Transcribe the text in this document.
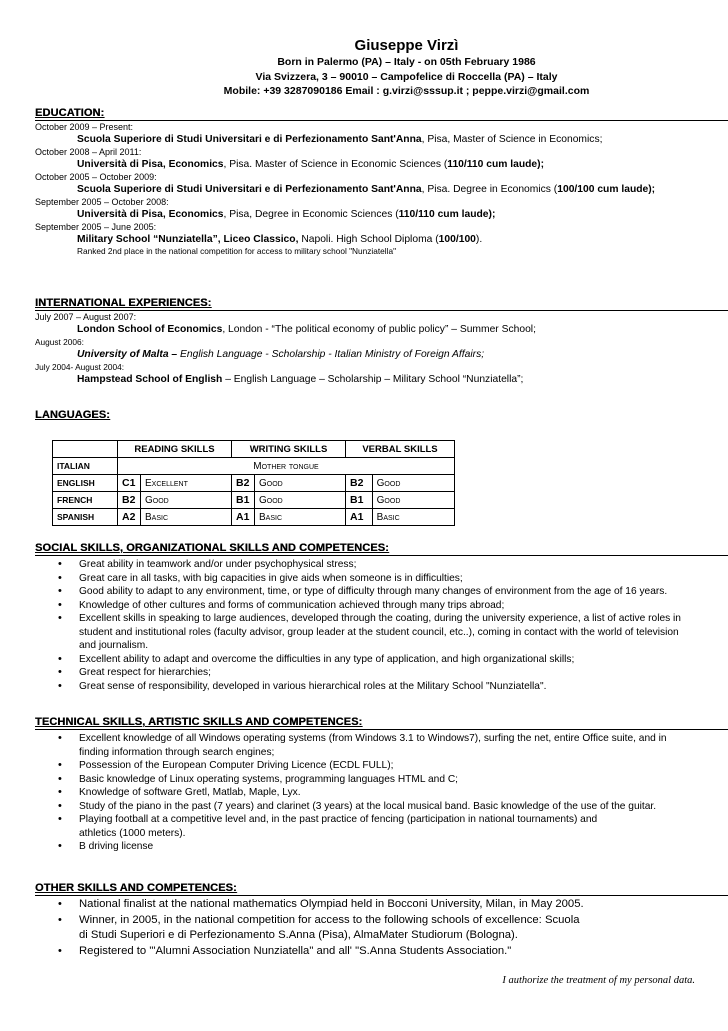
Giuseppe Virzì
Born in Palermo (PA) – Italy - on 05th February 1986
Via Svizzera, 3 – 90010 – Campofelice di Roccella (PA) – Italy
Mobile: +39 3287090186 Email : g.virzi@sssup.it ; peppe.virzi@gmail.com
EDUCATION:
October 2009 – Present:
Scuola Superiore di Studi Universitari e di Perfezionamento Sant'Anna, Pisa, Master of Science in Economics;
October 2008 – April 2011:
Università di Pisa, Economics, Pisa. Master of Science in Economic Sciences (110/110 cum laude);
October 2005 – October 2009:
Scuola Superiore di Studi Universitari e di Perfezionamento Sant'Anna, Pisa. Degree in Economics (100/100 cum laude);
September 2005 – October 2008:
Università di Pisa, Economics, Pisa, Degree in Economic Sciences (110/110 cum laude);
September 2005 – June 2005:
Military School “Nunziatella”, Liceo Classico, Napoli. High School Diploma (100/100).
Ranked 2nd place in the national competition for access to military school "Nunziatella"
INTERNATIONAL EXPERIENCES:
July 2007 – August 2007:
London School of Economics, London - “The political economy of public policy” – Summer School;
August 2006:
University of Malta – English Language - Scholarship - Italian Ministry of Foreign Affairs;
July 2004- August 2004:
Hampstead School of English – English Language – Scholarship – Military School “Nunziatella”;
LANGUAGES:
	READING SKILLS		WRITING SKILLS		VERBAL SKILLS	
ITALIAN	Mother tongue					
ENGLISH	C1	Excellent	B2	Good	B2	Good
FRENCH	B2	Good	B1	Good	B1	Good
SPANISH	A2	Basic	A1	Basic	A1	Basic
SOCIAL SKILLS, ORGANIZATIONAL SKILLS AND COMPETENCES:
• Great ability in teamwork and/or under psychophysical stress;
• Great care in all tasks, with big capacities in give aids when someone is in difficulties;
• Good ability to adapt to any environment, time, or type of difficulty through many changes of environment from the age of 16 years.
• Knowledge of other cultures and forms of communication achieved through many trips abroad;
• Excellent skills in speaking to large audiences, developed through the coating, during the university experience, a list of active roles in student and institutional roles (faculty advisor, group leader at the student council, etc..), coming in contact with the world of television and journalism.
• Excellent ability to adapt and overcome the difficulties in any type of application, and high organizational skills;
• Great respect for hierarchies;
• Great sense of responsibility, developed in various hierarchical roles at the Military School "Nunziatella".
TECHNICAL SKILLS, ARTISTIC SKILLS AND COMPETENCES:
• Excellent knowledge of all Windows operating systems (from Windows 3.1 to Windows7), surfing the net, entire Office suite, and in finding information through search engines;
• Possession of the European Computer Driving Licence (ECDL FULL);
• Basic knowledge of Linux operating systems, programming languages HTML and C;
• Knowledge of software Gretl, Matlab, Maple, Lyx.
• Study of the piano in the past (7 years) and clarinet (3 years) at the local musical band. Basic knowledge of the use of the guitar.
• Playing football at a competitive level and, in the past practice of fencing (participation in national tournaments) and athletics (1000 meters).
• B driving license
OTHER SKILLS AND COMPETENCES:
• National finalist at the national mathematics Olympiad held in Bocconi University, Milan, in May 2005.
• Winner, in 2005, in the national competition for access to the following schools of excellence: Scuola di Studi Superiori e di Perfezionamento S.Anna (Pisa), AlmaMater Studiorum (Bologna).
• Registered to "'Alumni Association Nunziatella" and all' "S.Anna Students Association."
I authorize the treatment of my personal data.
